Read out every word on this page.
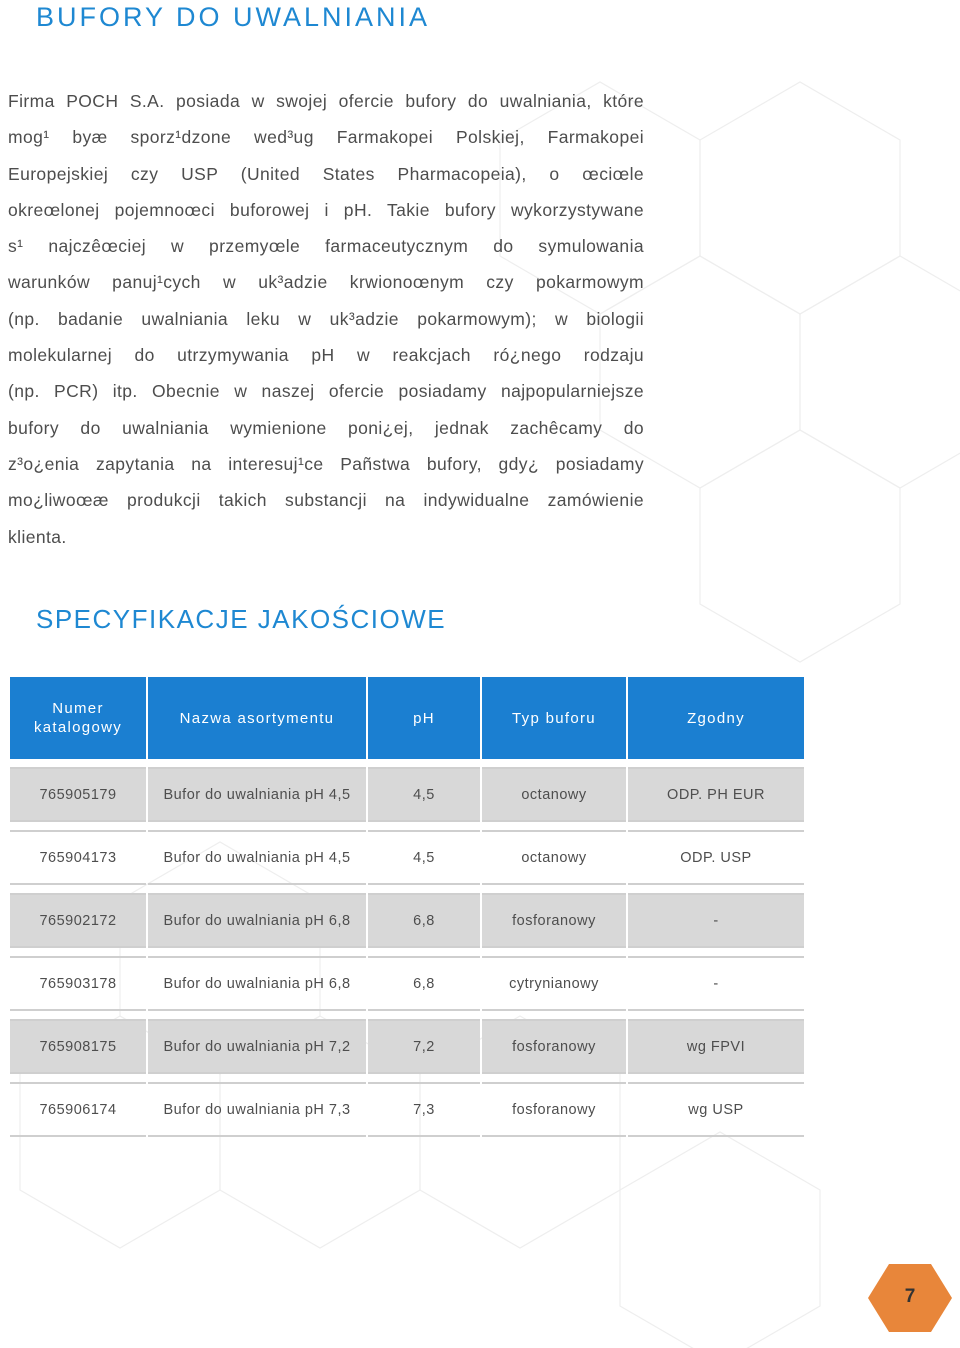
BUFORY DO UWALNIANIA

Firma POCH S.A. posiada w swojej ofercie bufory do uwalniania, które
mog¹ byæ sporz¹dzone wed³ug Farmakopei Polskiej, Farmakopei
Europejskiej czy USP (United States Pharmacopeia), o œciœle
okreœlonej pojemnoœci buforowej i pH. Takie bufory wykorzystywane
s¹ najczêœciej w przemyœle farmaceutycznym do symulowania
warunków panuj¹cych w uk³adzie krwionoœnym czy pokarmowym
(np. badanie uwalniania leku w uk³adzie pokarmowym); w biologii
molekularnej do utrzymywania pH w reakcjach ró¿nego rodzaju
(np. PCR) itp. Obecnie w naszej ofercie posiadamy najpopularniejsze
bufory do uwalniania wymienione poni¿ej, jednak zachêcamy do
z³o¿enia zapytania na interesuj¹ce Pañstwa bufory, gdy¿ posiadamy
mo¿liwoœæ produkcji takich substancji na indywidualne zamówienie
klienta.

SPECYFIKACJE JAKOŚCIOWE
Numer katalogowy	Nazwa asortymentu	pH	Typ buforu	Zgodny

765905179	Bufor do uwalniania pH 4,5	4,5	octanowy	ODP. PH EUR

765904173	Bufor do uwalniania pH 4,5	4,5	octanowy	ODP. USP

765902172	Bufor do uwalniania pH 6,8	6,8	fosforanowy	-

765903178	Bufor do uwalniania pH 6,8	6,8	cytrynianowy	-

765908175	Bufor do uwalniania pH 7,2	7,2	fosforanowy	wg FPVI

765906174	Bufor do uwalniania pH 7,3	7,3	fosforanowy	wg USP
7
